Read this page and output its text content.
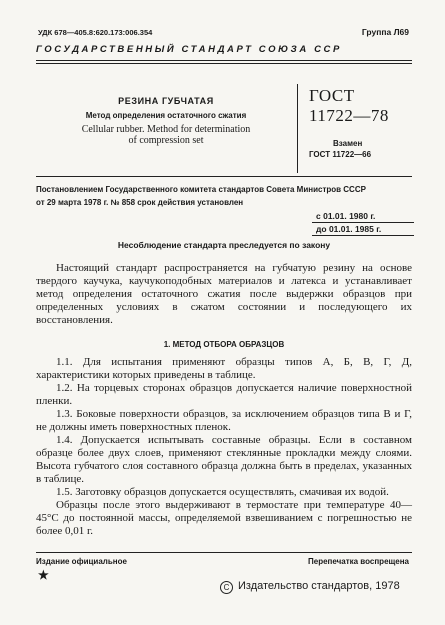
УДК 678—405.8:620.173:006.354	Группа Л69
ГОСУДАРСТВЕННЫЙ СТАНДАРТ СОЮЗА ССР
РЕЗИНА ГУБЧАТАЯ
Метод определения остаточного сжатия
Cellular rubber. Method for determination
of compression set
ГОСТ
11722—78
Взамен
ГОСТ 11722—66
Постановлением Государственного комитета стандартов Совета Министров СССР
от 29 марта 1978 г. № 858 срок действия установлен
с 01.01. 1980 г.
до 01.01. 1985 г.
Несоблюдение стандарта преследуется по закону

Настоящий стандарт распространяется на губчатую резину на основе твердого каучука, каучукоподобных материалов и латекса и устанавливает метод определения остаточного сжатия после выдержки образцов при определенных условиях в сжатом состоянии и последующего их восстановления.

1. МЕТОД ОТБОРА ОБРАЗЦОВ

1.1. Для испытания применяют образцы типов А, Б, В, Г, Д, характеристики которых приведены в таблице.

1.2. На торцевых сторонах образцов допускается наличие поверхностной пленки.

1.3. Боковые поверхности образцов, за исключением образцов типа В и Г, не должны иметь поверхностных пленок.

1.4. Допускается испытывать составные образцы. Если в составном образце более двух слоев, применяют стеклянные прокладки между слоями. Высота губчатого слоя составного образца должна быть в пределах, указанных в таблице.

1.5. Заготовку образцов допускается осуществлять, смачивая их водой.

Образцы после этого выдерживают в термостате при температуре 40—45°С до постоянной массы, определяемой взвешиванием с погрешностью не более 0,01 г.

Издание официальное	Перепечатка воспрещена
★
C Издательство стандартов, 1978
